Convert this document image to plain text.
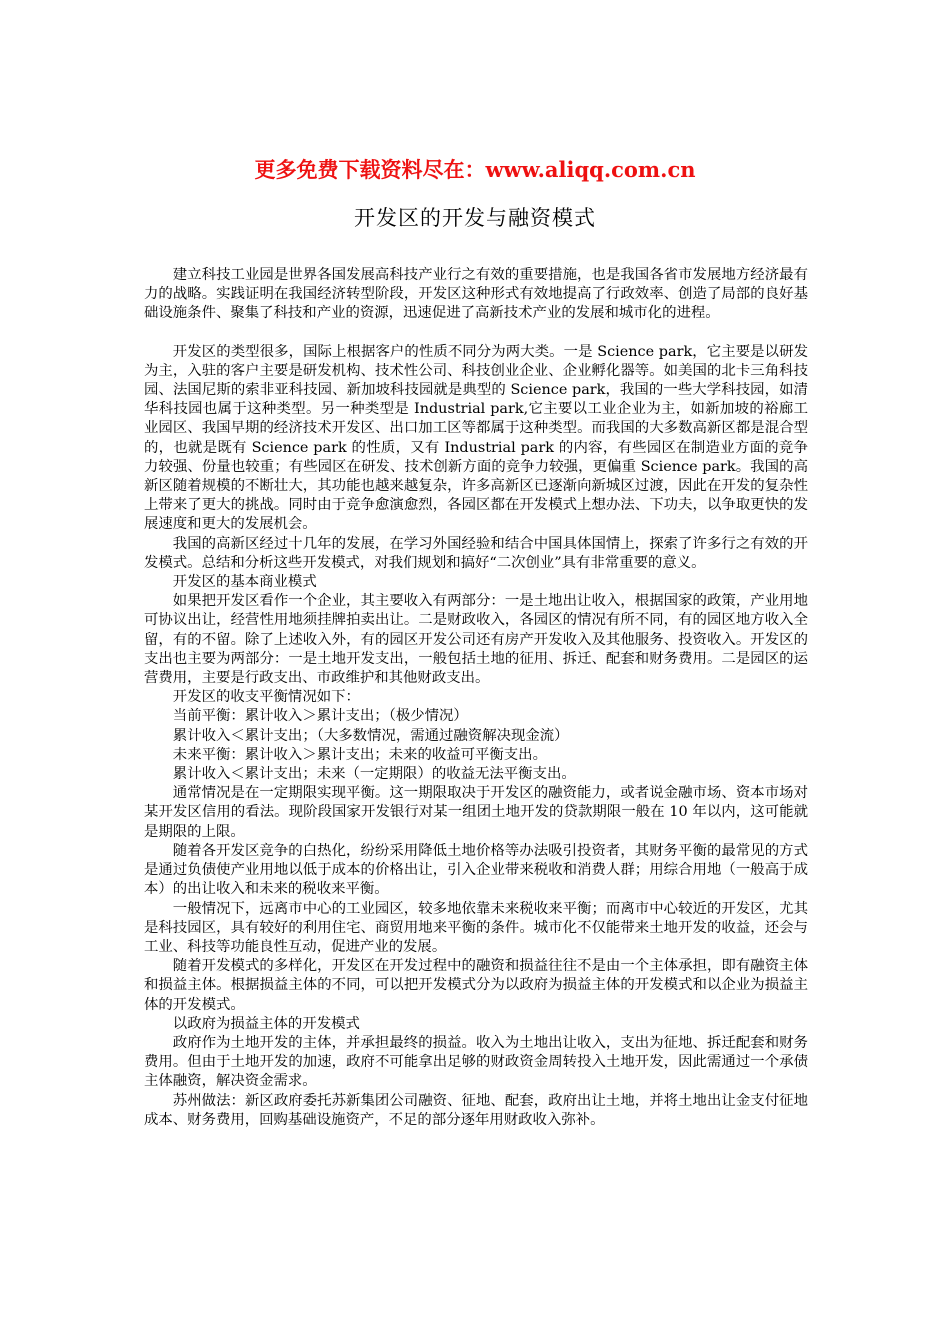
更多免费下载资料尽在：www.aliqq.com.cn
开发区的开发与融资模式

建立科技工业园是世界各国发展高科技产业行之有效的重要措施，也是我国各省市发展地方经济最有力的战略。实践证明在我国经济转型阶段，开发区这种形式有效地提高了行政效率、创造了局部的良好基础设施条件、聚集了科技和产业的资源，迅速促进了高新技术产业的发展和城市化的进程。

开发区的类型很多，国际上根据客户的性质不同分为两大类。一是 Science park，它主要是以研发为主，入驻的客户主要是研发机构、技术性公司、科技创业企业、企业孵化器等。如美国的北卡三角科技园、法国尼斯的索非亚科技园、新加坡科技园就是典型的 Science park，我国的一些大学科技园，如清华科技园也属于这种类型。另一种类型是 Industrial park,它主要以工业企业为主，如新加坡的裕廊工业园区、我国早期的经济技术开发区、出口加工区等都属于这种类型。而我国的大多数高新区都是混合型的，也就是既有 Science park 的性质，又有 Industrial park 的内容，有些园区在制造业方面的竞争力较强、份量也较重；有些园区在研发、技术创新方面的竞争力较强，更偏重 Science park。我国的高新区随着规模的不断壮大，其功能也越来越复杂，许多高新区已逐渐向新城区过渡，因此在开发的复杂性上带来了更大的挑战。同时由于竞争愈演愈烈，各园区都在开发模式上想办法、下功夫，以争取更快的发展速度和更大的发展机会。

我国的高新区经过十几年的发展，在学习外国经验和结合中国具体国情上，探索了许多行之有效的开发模式。总结和分析这些开发模式，对我们规划和搞好“二次创业”具有非常重要的意义。

开发区的基本商业模式

如果把开发区看作一个企业，其主要收入有两部分：一是土地出让收入，根据国家的政策，产业用地可协议出让，经营性用地须挂牌拍卖出让。二是财政收入，各园区的情况有所不同，有的园区地方收入全留，有的不留。除了上述收入外，有的园区开发公司还有房产开发收入及其他服务、投资收入。开发区的支出也主要为两部分：一是土地开发支出，一般包括土地的征用、拆迁、配套和财务费用。二是园区的运营费用，主要是行政支出、市政维护和其他财政支出。

开发区的收支平衡情况如下：

当前平衡：累计收入＞累计支出；（极少情况）

累计收入＜累计支出；（大多数情况，需通过融资解决现金流）

未来平衡：累计收入＞累计支出；未来的收益可平衡支出。

累计收入＜累计支出；未来（一定期限）的收益无法平衡支出。

通常情况是在一定期限实现平衡。这一期限取决于开发区的融资能力，或者说金融市场、资本市场对某开发区信用的看法。现阶段国家开发银行对某一组团土地开发的贷款期限一般在 10 年以内，这可能就是期限的上限。

随着各开发区竞争的白热化，纷纷采用降低土地价格等办法吸引投资者，其财务平衡的最常见的方式是通过负债使产业用地以低于成本的价格出让，引入企业带来税收和消费人群；用综合用地（一般高于成本）的出让收入和未来的税收来平衡。

一般情况下，远离市中心的工业园区，较多地依靠未来税收来平衡；而离市中心较近的开发区，尤其是科技园区，具有较好的利用住宅、商贸用地来平衡的条件。城市化不仅能带来土地开发的收益，还会与工业、科技等功能良性互动，促进产业的发展。

随着开发模式的多样化，开发区在开发过程中的融资和损益往往不是由一个主体承担，即有融资主体和损益主体。根据损益主体的不同，可以把开发模式分为以政府为损益主体的开发模式和以企业为损益主体的开发模式。

以政府为损益主体的开发模式

政府作为土地开发的主体，并承担最终的损益。收入为土地出让收入，支出为征地、拆迁配套和财务费用。但由于土地开发的加速，政府不可能拿出足够的财政资金周转投入土地开发，因此需通过一个承债主体融资，解决资金需求。

苏州做法：新区政府委托苏新集团公司融资、征地、配套，政府出让土地，并将土地出让金支付征地成本、财务费用，回购基础设施资产，不足的部分逐年用财政收入弥补。
